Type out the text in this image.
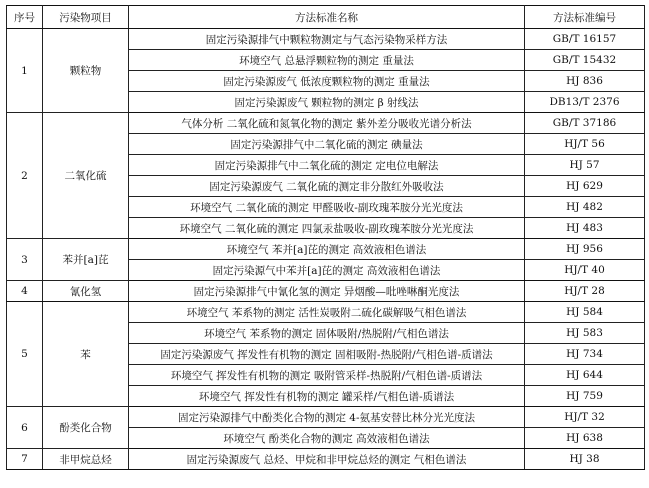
序号	污染物项目	方法标准名称	方法标准编号
1	颗粒物	固定污染源排气中颗粒物测定与气态污染物采样方法	GB/T 16157
		环境空气 总悬浮颗粒物的测定 重量法	GB/T 15432
		固定污染源废气 低浓度颗粒物的测定 重量法	HJ 836
		固定污染源废气 颗粒物的测定 β 射线法	DB13/T 2376
2	二氧化硫	气体分析 二氧化硫和氮氧化物的测定 紫外差分吸收光谱分析法	GB/T 37186
		固定污染源排气中二氧化硫的测定 碘量法	HJ/T 56
		固定污染源排气中二氧化硫的测定 定电位电解法	HJ 57
		固定污染源废气 二氧化硫的测定非分散红外吸收法	HJ 629
		环境空气 二氧化硫的测定 甲醛吸收-副玫瑰苯胺分光光度法	HJ 482
		环境空气 二氧化硫的测定 四氯汞盐吸收-副玫瑰苯胺分光光度法	HJ 483
3	苯并[a]芘	环境空气 苯并[a]芘的测定 高效液相色谱法	HJ 956
		固定污染源气中苯并[a]芘的测定 高效液相色谱法	HJ/T 40
4	氰化氢	固定污染源排气中氰化氢的测定 异烟酸—吡唑啉酮光度法	HJ/T 28
5	苯	环境空气 苯系物的测定 活性炭吸附二硫化碳解吸气相色谱法	HJ 584
		环境空气 苯系物的测定 固体吸附/热脱附/气相色谱法	HJ 583
		固定污染源废气 挥发性有机物的测定 固相吸附-热脱附/气相色谱-质谱法	HJ 734
		环境空气 挥发性有机物的测定 吸附管采样-热脱附/气相色谱-质谱法	HJ 644
		环境空气 挥发性有机物的测定 罐采样/气相色谱-质谱法	HJ 759
6	酚类化合物	固定污染源排气中酚类化合物的测定 4-氨基安替比林分光光度法	HJ/T 32
		环境空气 酚类化合物的测定 高效液相色谱法	HJ 638
7	非甲烷总烃	固定污染源废气 总烃、甲烷和非甲烷总烃的测定 气相色谱法	HJ 38
